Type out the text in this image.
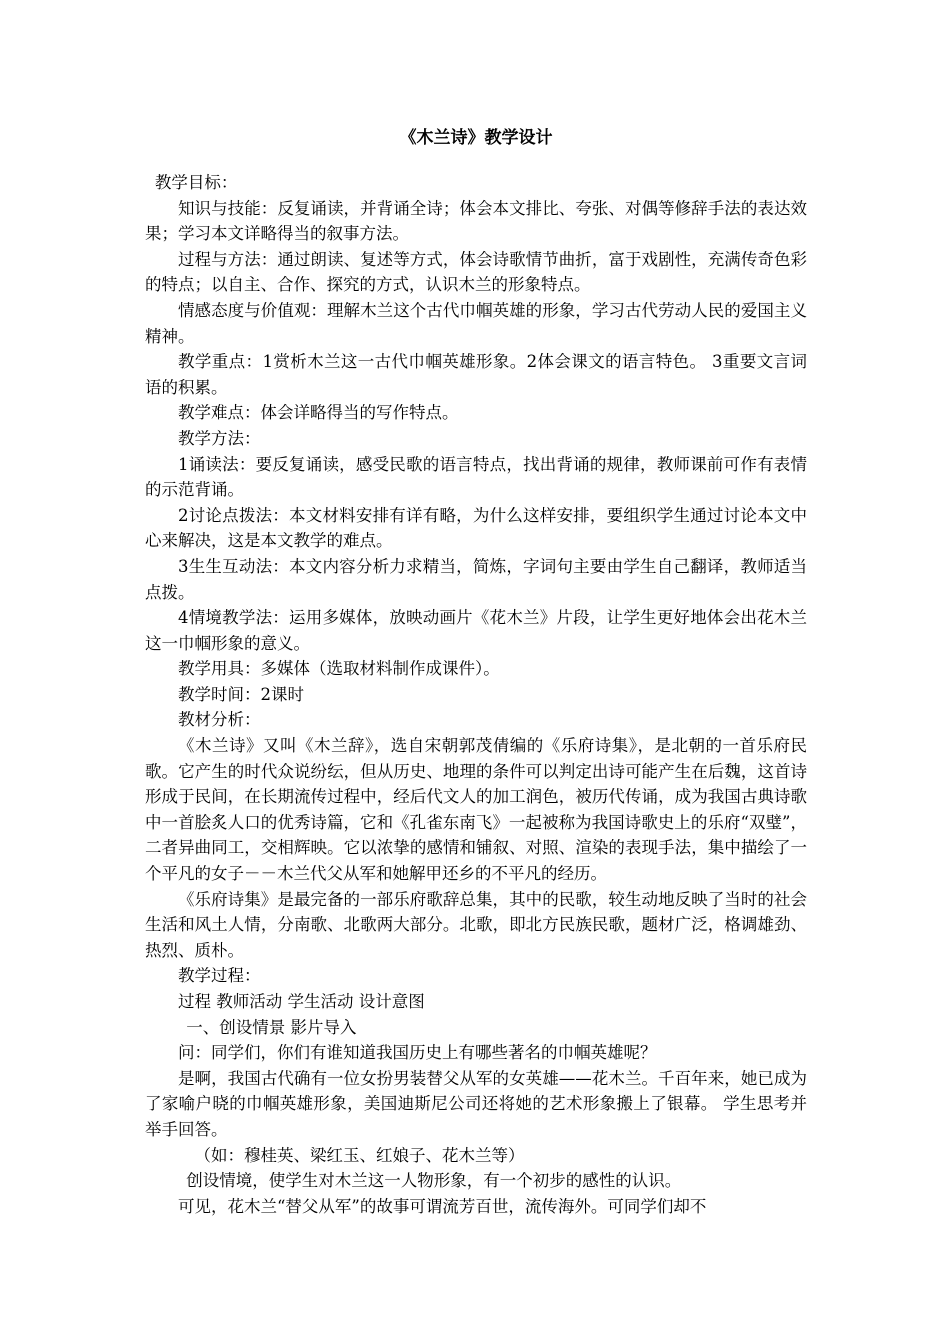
《木兰诗》教学设计

教学目标：

知识与技能：反复诵读，并背诵全诗；体会本文排比、夸张、对偶等修辞手法的表达效果；学习本文详略得当的叙事方法。

过程与方法：通过朗读、复述等方式，体会诗歌情节曲折，富于戏剧性，充满传奇色彩的特点；以自主、合作、探究的方式，认识木兰的形象特点。

情感态度与价值观：理解木兰这个古代巾帼英雄的形象，学习古代劳动人民的爱国主义精神。

教学重点：1赏析木兰这一古代巾帼英雄形象。2体会课文的语言特色。 3重要文言词语的积累。

教学难点：体会详略得当的写作特点。

教学方法：

1诵读法：要反复诵读，感受民歌的语言特点，找出背诵的规律，教师课前可作有表情的示范背诵。

2讨论点拨法：本文材料安排有详有略，为什么这样安排，要组织学生通过讨论本文中心来解决，这是本文教学的难点。

3生生互动法：本文内容分析力求精当，简炼，字词句主要由学生自己翻译，教师适当点拨。

4情境教学法：运用多媒体，放映动画片《花木兰》片段，让学生更好地体会出花木兰这一巾帼形象的意义。

教学用具：多媒体（选取材料制作成课件）。

教学时间：2课时

教材分析：

《木兰诗》又叫《木兰辞》，选自宋朝郭茂倩编的《乐府诗集》，是北朝的一首乐府民歌。它产生的时代众说纷纭，但从历史、地理的条件可以判定出诗可能产生在后魏，这首诗形成于民间，在长期流传过程中，经后代文人的加工润色，被历代传诵，成为我国古典诗歌中一首脍炙人口的优秀诗篇，它和《孔雀东南飞》一起被称为我国诗歌史上的乐府“双璧”，二者异曲同工，交相辉映。它以浓挚的感情和铺叙、对照、渲染的表现手法，集中描绘了一个平凡的女子－－木兰代父从军和她解甲还乡的不平凡的经历。

《乐府诗集》是最完备的一部乐府歌辞总集，其中的民歌，较生动地反映了当时的社会生活和风土人情，分南歌、北歌两大部分。北歌，即北方民族民歌，题材广泛，格调雄劲、热烈、质朴。

教学过程：

过程 教师活动 学生活动 设计意图

一、创设情景 影片导入

问：同学们，你们有谁知道我国历史上有哪些著名的巾帼英雄呢？

是啊，我国古代确有一位女扮男装替父从军的女英雄——花木兰。千百年来，她已成为了家喻户晓的巾帼英雄形象，美国迪斯尼公司还将她的艺术形象搬上了银幕。 学生思考并举手回答。

（如：穆桂英、梁红玉、红娘子、花木兰等）

创设情境，使学生对木兰这一人物形象，有一个初步的感性的认识。

可见，花木兰“替父从军”的故事可谓流芳百世，流传海外。可同学们却不
